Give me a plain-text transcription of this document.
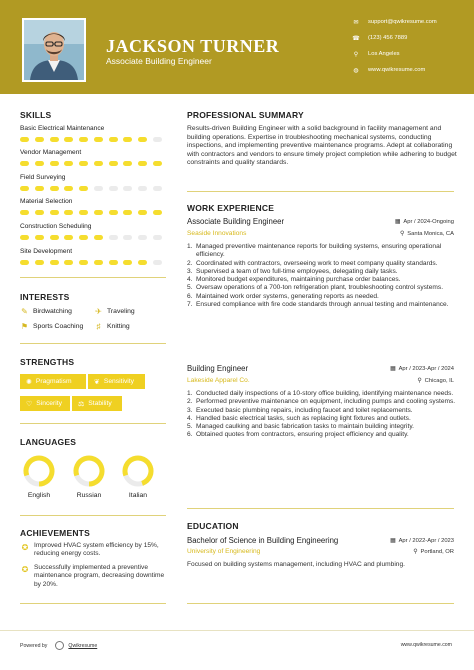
JACKSON TURNER
Associate Building Engineer
✉ support@qwikresume.com
☎ (123) 456 7889
⚲	Los Angeles
◍ www.qwikresume.com
SKILLS
Basic Electrical Maintenance
Vendor Management
Field Surveying
Material Selection
Construction Scheduling
Site Development
INTERESTS
✎ Birdwatching	✈ Traveling
⚑ Sports Coaching	♯ Knitting
STRENGTHS
✺ Pragmatism	❦ Sensitivity
♡ Sincerity ⚖ Stability
LANGUAGES
English	Russian	Italian
ACHIEVEMENTS
✪ Improved HVAC system efficiency by 15%, reducing energy costs.
✪ Successfully implemented a preventive maintenance program, decreasing downtime by 20%.
PROFESSIONAL SUMMARY
Results-driven Building Engineer with a solid background in facility management and building operations. Expertise in troubleshooting mechanical systems, conducting inspections, and implementing preventive maintenance programs. Adept at collaborating with contractors and vendors to ensure timely project completion while adhering to budget constraints and quality standards.
WORK EXPERIENCE
Associate Building Engineer	▦ Apr / 2024-Ongoing
Seaside Innovations	⚲ Santa Monica, CA
1. Managed preventive maintenance reports for building systems, ensuring operational efficiency.
2. Coordinated with contractors, overseeing work to meet company quality standards.
3. Supervised a team of two full-time employees, delegating daily tasks.
4. Monitored budget expenditures, maintaining purchase order balances.
5. Oversaw operations of a 700-ton refrigeration plant, troubleshooting control systems.
6. Maintained work order systems, generating reports as needed.
7. Ensured compliance with fire code standards through annual testing and maintenance.
Building Engineer	▦ Apr / 2023-Apr / 2024
Lakeside Apparel Co.	⚲ Chicago, IL
1. Conducted daily inspections of a 10-story office building, identifying maintenance needs.
2. Performed preventive maintenance on equipment, including pumps and cooling systems.
3. Executed basic plumbing repairs, including faucet and toilet replacements.
4. Handled basic electrical tasks, such as replacing light fixtures and outlets.
5. Managed caulking and basic fabrication tasks to maintain building integrity.
6. Obtained quotes from contractors, ensuring project efficiency and quality.
EDUCATION
Bachelor of Science in Building Engineering	▦ Apr / 2022-Apr / 2023
University of Engineering	⚲ Portland, OR
Focused on building systems management, including HVAC and plumbing.
Powered by	Qwikresume	www.qwikresume.com
